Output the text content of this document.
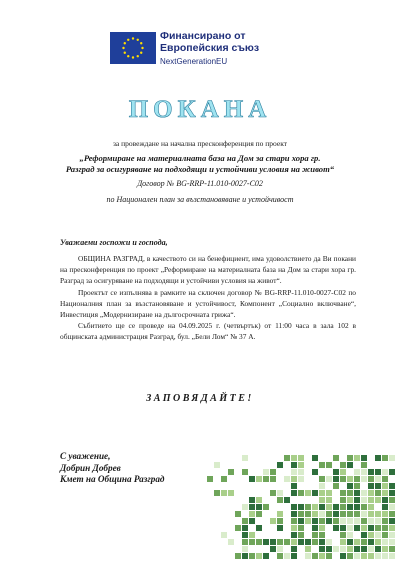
Финансирано от
Европейския съюз
NextGenerationEU
ПОКАНА
за провеждане на начална пресконференция по проект
„Реформиране на материалната база на Дом за стари хора гр.
Разград за осигуряване на подходящи и устойчиви условия на живот“
Договор № BG-RRP-11.010-0027-C02
по Национален план за възстановяване и устойчивост
Уважаеми госпожи и господа,

ОБЩИНА РАЗГРАД, в качеството си на бенефициент, има удоволствието да Ви покани на пресконференция по проект „Реформиране на материалната база на Дом за стари хора гр. Разград за осигуряване на подходящи и устойчиви условия на живот“.

Проектът се изпълнява в рамките на сключен договор № BG-RRP-11.010-0027-C02 по Националния план за възстановяване и устойчивост, Компонент „Социално включване“, Инвестиция „Модернизиране на дългосрочната грижа“.

Събитието ще се проведе на 04.09.2025 г. (четвъртък) от 11:00 часа в зала 102 в общинската администрация Разград, бул. „Бели Лом“ № 37 А.

ЗАПОВЯДАЙТЕ!
С уважение,
Добрин Добрев
Кмет на Община Разград
